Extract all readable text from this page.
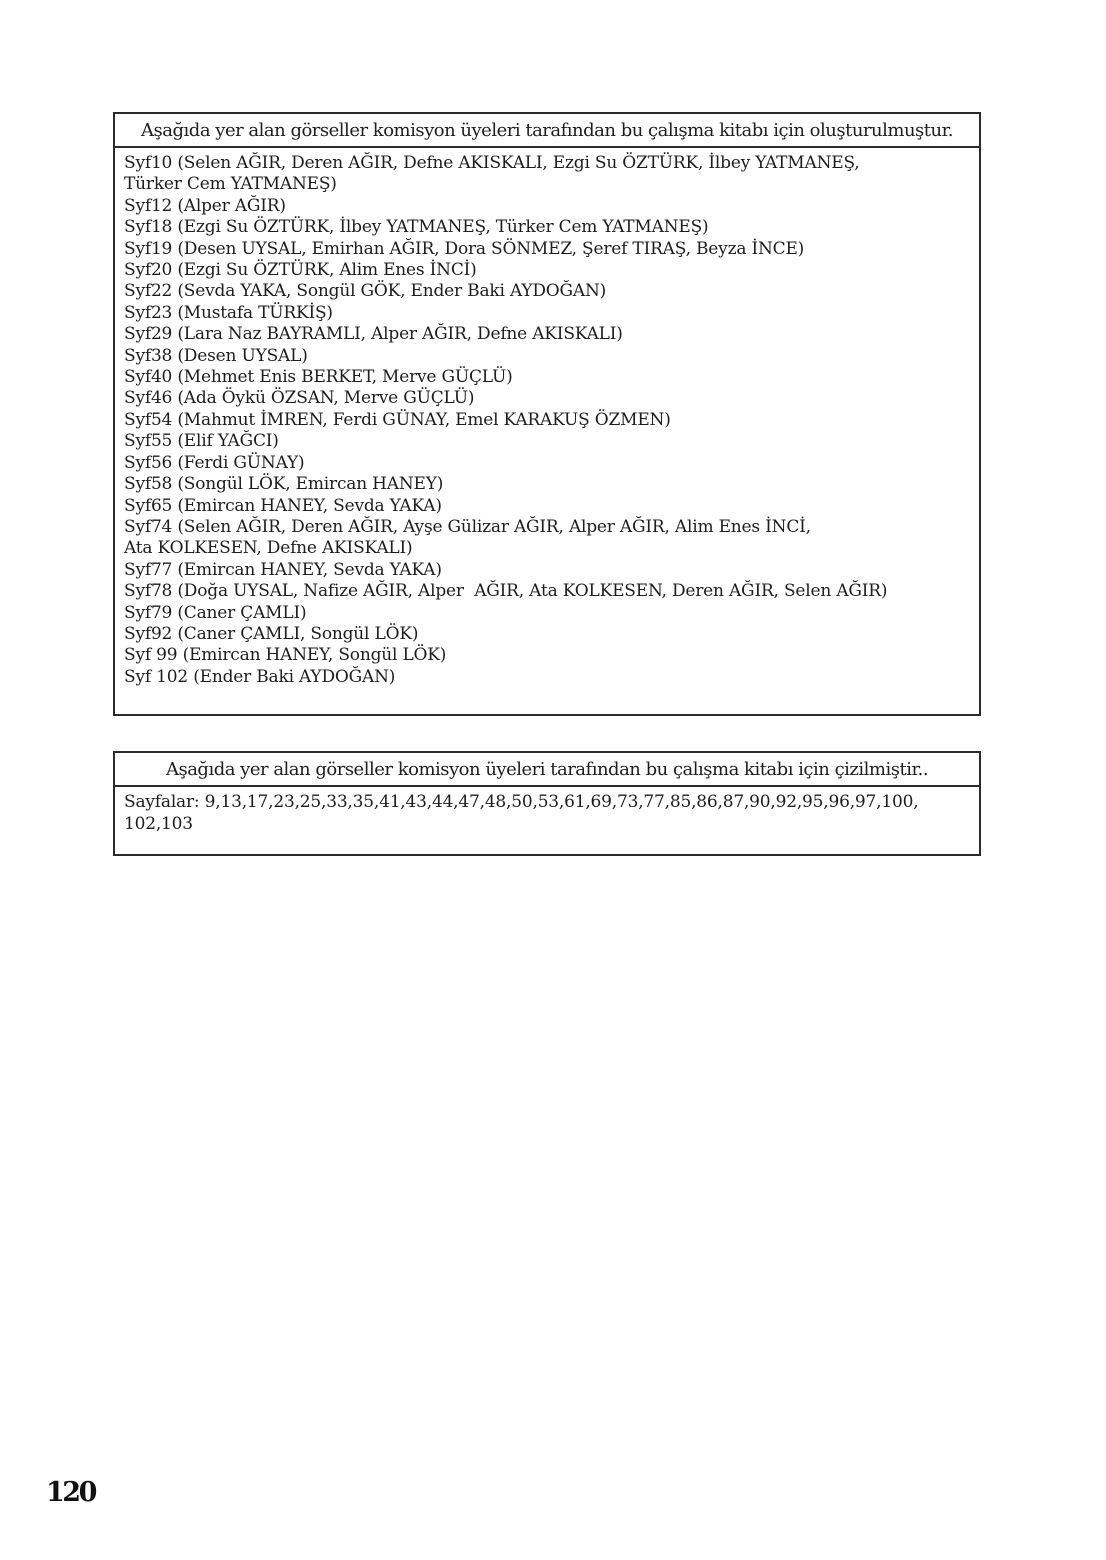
Aşağıda yer alan görseller komisyon üyeleri tarafından bu çalışma kitabı için oluşturulmuştur.
Syf10 (Selen AĞIR, Deren AĞIR, Defne AKISKALI, Ezgi Su ÖZTÜRK, İlbey YATMANEŞ,
Türker Cem YATMANEŞ)
Syf12 (Alper AĞIR)
Syf18 (Ezgi Su ÖZTÜRK, İlbey YATMANEŞ, Türker Cem YATMANEŞ)
Syf19 (Desen UYSAL, Emirhan AĞIR, Dora SÖNMEZ, Şeref TIRAŞ, Beyza İNCE)
Syf20 (Ezgi Su ÖZTÜRK, Alim Enes İNCİ)
Syf22 (Sevda YAKA, Songül GÖK, Ender Baki AYDOĞAN)
Syf23 (Mustafa TÜRKİŞ)
Syf29 (Lara Naz BAYRAMLI, Alper AĞIR, Defne AKISKALI)
Syf38 (Desen UYSAL)
Syf40 (Mehmet Enis BERKET, Merve GÜÇLÜ)
Syf46 (Ada Öykü ÖZSAN, Merve GÜÇLÜ)
Syf54 (Mahmut İMREN, Ferdi GÜNAY, Emel KARAKUŞ ÖZMEN)
Syf55 (Elif YAĞCI)
Syf56 (Ferdi GÜNAY)
Syf58 (Songül LÖK, Emircan HANEY)
Syf65 (Emircan HANEY, Sevda YAKA)
Syf74 (Selen AĞIR, Deren AĞIR, Ayşe Gülizar AĞIR, Alper AĞIR, Alim Enes İNCİ,
Ata KOLKESEN, Defne AKISKALI)
Syf77 (Emircan HANEY, Sevda YAKA)
Syf78 (Doğa UYSAL, Nafize AĞIR, Alper  AĞIR, Ata KOLKESEN, Deren AĞIR, Selen AĞIR)
Syf79 (Caner ÇAMLI)
Syf92 (Caner ÇAMLI, Songül LÖK)
Syf 99 (Emircan HANEY, Songül LÖK)
Syf 102 (Ender Baki AYDOĞAN)
Aşağıda yer alan görseller komisyon üyeleri tarafından bu çalışma kitabı için çizilmiştir..
Sayfalar: 9,13,17,23,25,33,35,41,43,44,47,48,50,53,61,69,73,77,85,86,87,90,92,95,96,97,100,
102,103
120
